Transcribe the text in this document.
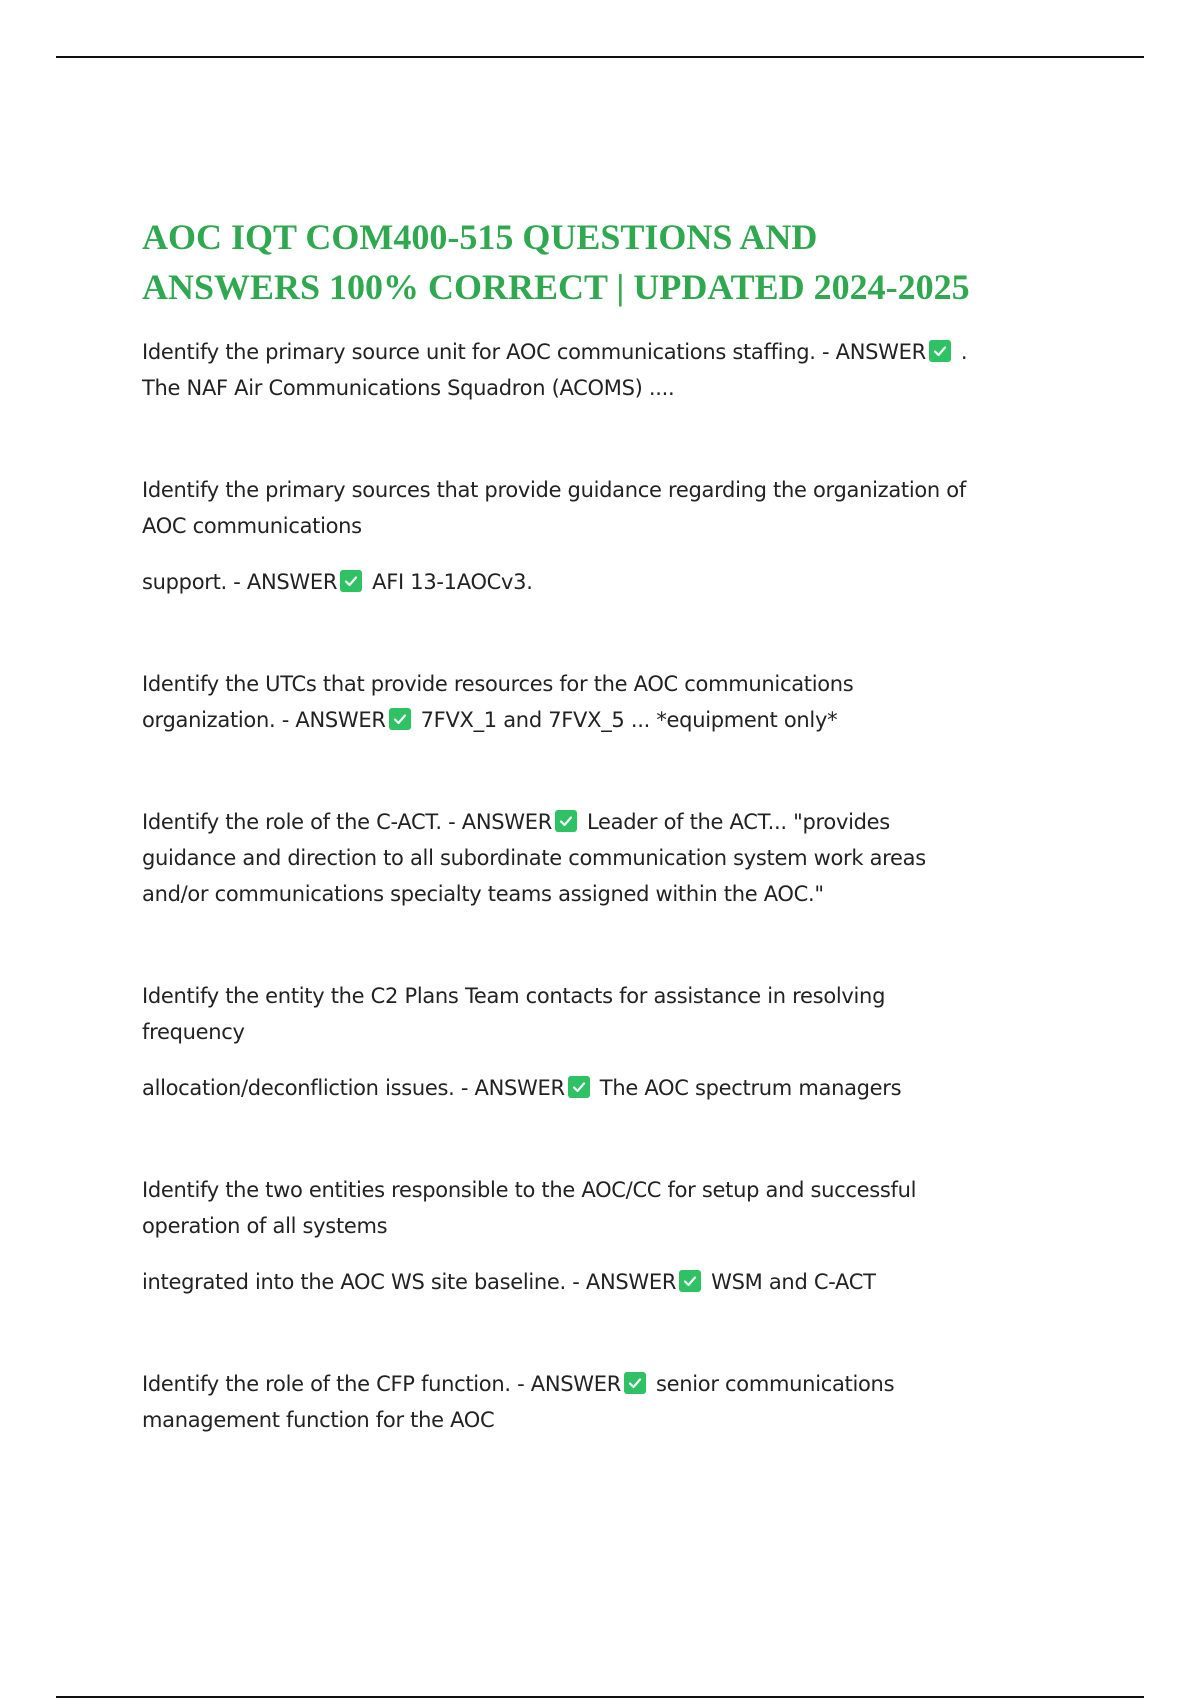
AOC IQT COM400-515 QUESTIONS AND
ANSWERS 100% CORRECT | UPDATED 2024-2025
Identify the primary source unit for AOC communications staffing. - ANSWER .
The NAF Air Communications Squadron (ACOMS) ....
Identify the primary sources that provide guidance regarding the organization of
AOC communications
support. - ANSWER AFI 13-1AOCv3.
Identify the UTCs that provide resources for the AOC communications
organization. - ANSWER 7FVX_1 and 7FVX_5 ... *equipment only*
Identify the role of the C-ACT. - ANSWER Leader of the ACT... "provides
guidance and direction to all subordinate communication system work areas
and/or communications specialty teams assigned within the AOC."
Identify the entity the C2 Plans Team contacts for assistance in resolving
frequency
allocation/deconfliction issues. - ANSWER The AOC spectrum managers
Identify the two entities responsible to the AOC/CC for setup and successful
operation of all systems
integrated into the AOC WS site baseline. - ANSWER WSM and C-ACT
Identify the role of the CFP function. - ANSWER senior communications
management function for the AOC
